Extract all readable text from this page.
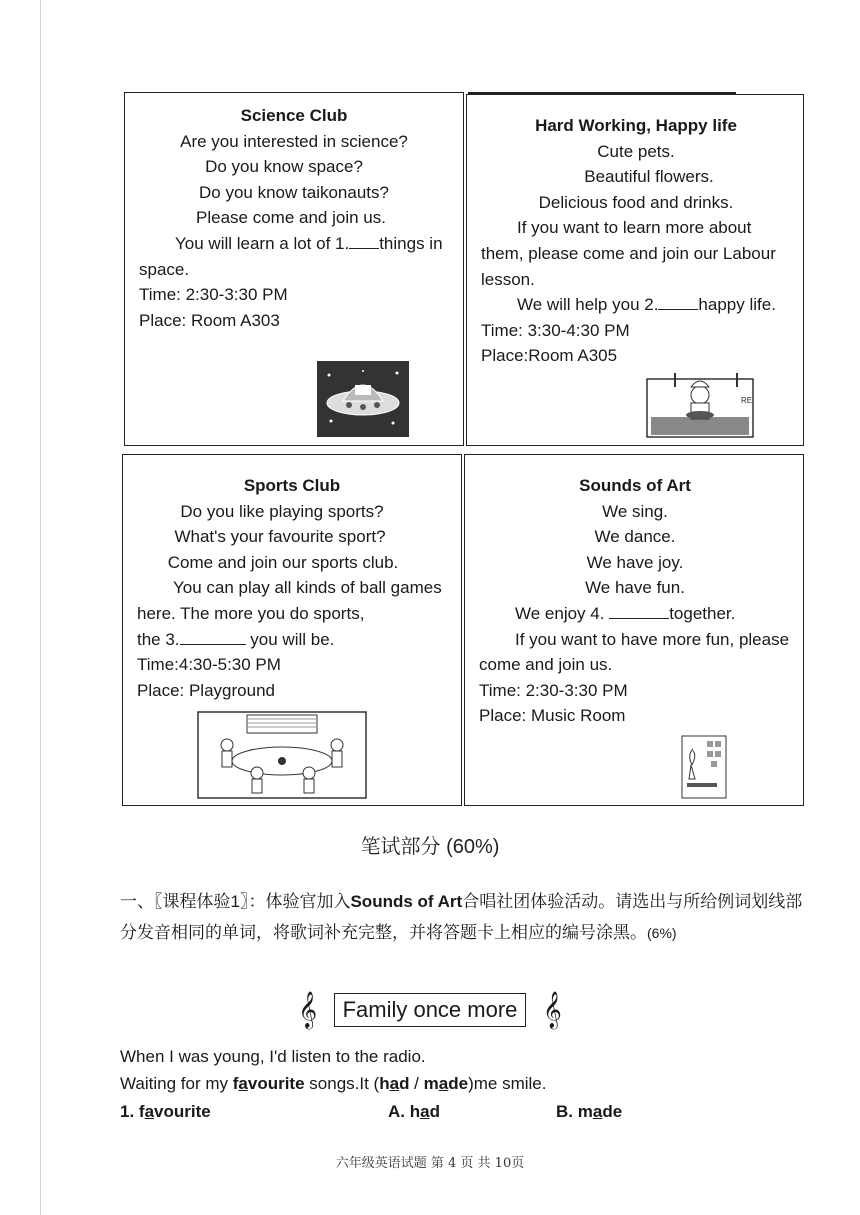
Science Club

Are you interested in science?

Do you know space?

Do you know taikonauts?

Please come and join us.

You will learn a lot of 1. things in space.

Time: 2:30-3:30 PM

Place: Room A303

Hard Working, Happy life

Cute pets.

Beautiful flowers.

Delicious food and drinks.

If you want to learn more about them, please come and join our Labour lesson.

We will help you 2. happy life.

Time: 3:30-4:30 PM

Place:Room A305

RE

Sports Club

Do you like playing sports?

What's your favourite sport?

Come and join our sports club.

You can play all kinds of ball games here. The more you do sports,

the 3.	you will be.

Time:4:30-5:30 PM

Place: Playground

Sounds of Art

We sing.

We dance.

We have joy.

We have fun.

We enjoy 4.	together.

If you want to have more fun, please come and join us.

Time: 2:30-3:30 PM

Place: Music Room

笔试部分 (60%)
一、〖课程体验1〗：体验官加入Sounds of Art合唱社团体验活动。请选出与所给例词划线部分发音相同的单词，将歌词补充完整，并将答题卡上相应的编号涂黑。(6%)
𝄞 Family once more 𝄞
When I was young, I'd listen to the radio.
Waiting for my favourite songs.It (had / made)me smile.
1. favourite	A. had	B. made
六年级英语试题 第 4 页 共 10页
